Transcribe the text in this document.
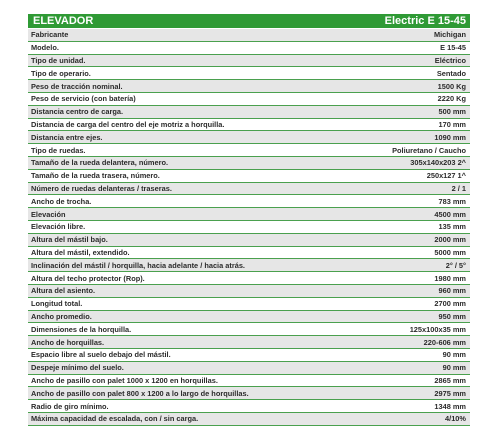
ELEVADOR	Electric E 15-45
Fabricante	Michigan
Modelo.	E 15-45
Tipo de unidad.	Eléctrico
Tipo de operario.	Sentado
Peso de tracción nominal.	1500 Kg
Peso de servicio (con batería)	2220 Kg
Distancia centro de carga.	500 mm
Distancia de carga del centro del eje motriz a horquilla.	170 mm
Distancia entre ejes.	1090 mm
Tipo de ruedas.	Poliuretano / Caucho
Tamaño de la rueda delantera, número.	305x140x203 2^
Tamaño de la rueda trasera, número.	250x127 1^
Número de ruedas delanteras / traseras.	2 / 1
Ancho de trocha.	783 mm
Elevación	4500 mm
Elevación libre.	135 mm
Altura del mástil bajo.	2000 mm
Altura del mástil, extendido.	5000 mm
Inclinación del mástil / horquilla, hacia adelante / hacia atrás.	2° / 5°
Altura del techo protector (Rop).	1980 mm
Altura del asiento.	960 mm
Longitud total.	2700 mm
Ancho promedio.	950 mm
Dimensiones de la horquilla.	125x100x35 mm
Ancho de horquillas.	220-606 mm
Espacio libre al suelo debajo del mástil.	90 mm
Despeje mínimo del suelo.	90 mm
Ancho de pasillo con palet 1000 x 1200 en horquillas.	2865 mm
Ancho de pasillo con palet 800 x 1200 a lo largo de horquillas.	2975 mm
Radio de giro mínimo.	1348 mm
Máxima capacidad de escalada, con / sin carga.	4/10%
